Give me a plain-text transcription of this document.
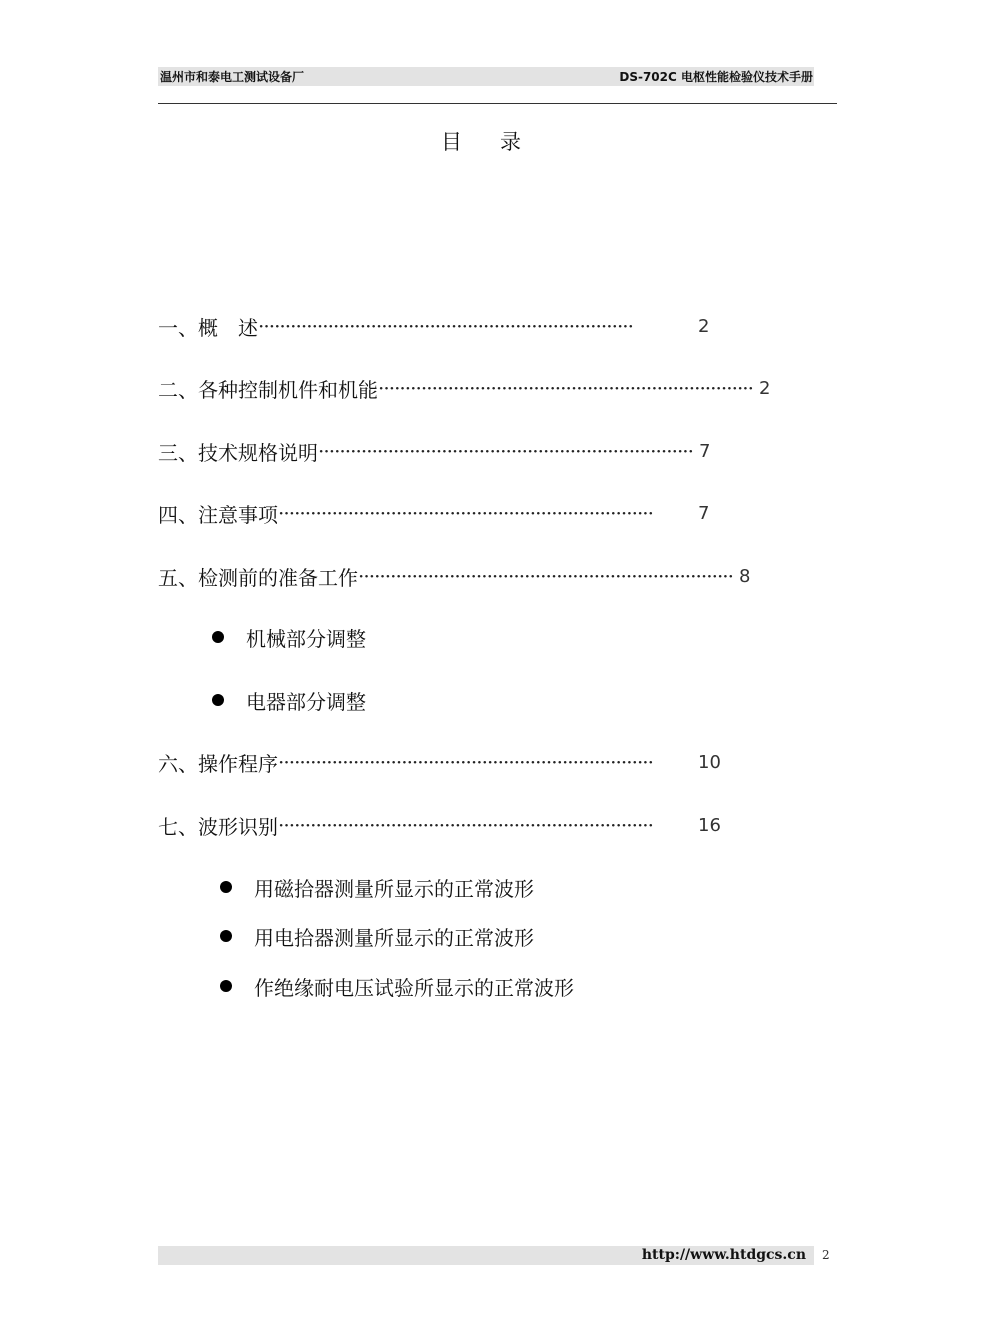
温州市和泰电工测试设备厂	DS-702C 电枢性能检验仪技术手册
目录
一、概　述 ······································································	2
二、各种控制机件和机能 ······································································ 2
三、技术规格说明 ······································································ 7
四、注意事项 ······································································	7
五、检测前的准备工作 ······································································ 8
机械部分调整
电器部分调整
六、操作程序 ······································································	10
七、波形识别 ······································································	16
用磁拾器测量所显示的正常波形
用电拾器测量所显示的正常波形
作绝缘耐电压试验所显示的正常波形
http://www.htdgcs.cn 2
